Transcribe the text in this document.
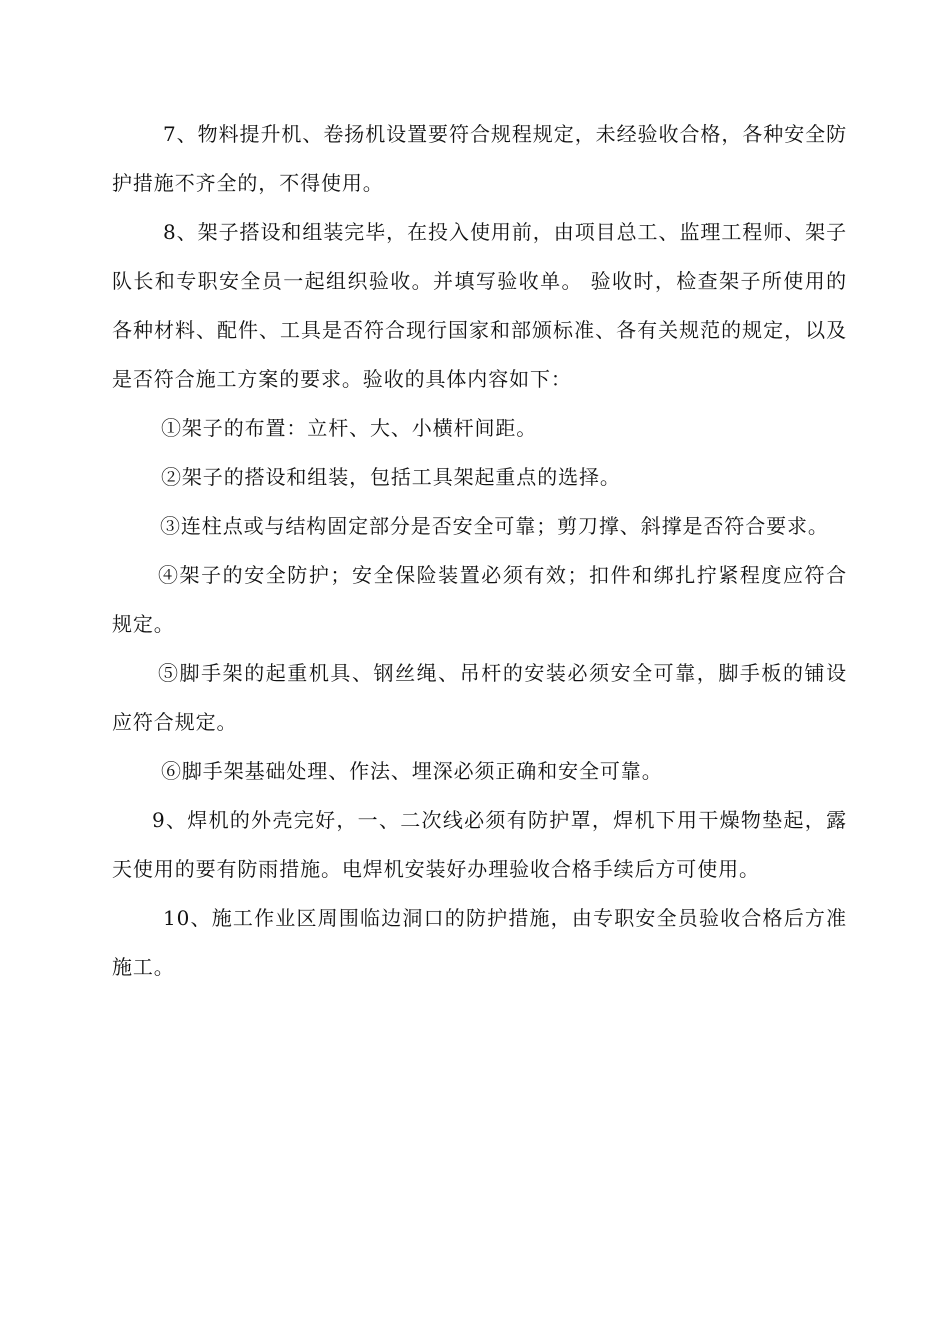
7、物料提升机、卷扬机设置要符合规程规定，未经验收合格，各种安全防护措施不齐全的，不得使用。

8、架子搭设和组装完毕，在投入使用前，由项目总工、监理工程师、架子队长和专职安全员一起组织验收。并填写验收单。 验收时，检查架子所使用的各种材料、配件、工具是否符合现行国家和部颁标准、各有关规范的规定，以及是否符合施工方案的要求。验收的具体内容如下：

①架子的布置：立杆、大、小横杆间距。

②架子的搭设和组装，包括工具架起重点的选择。

③连柱点或与结构固定部分是否安全可靠；剪刀撑、斜撑是否符合要求。

④架子的安全防护；安全保险装置必须有效；扣件和绑扎拧紧程度应符合规定。

⑤脚手架的起重机具、钢丝绳、吊杆的安装必须安全可靠，脚手板的铺设应符合规定。

⑥脚手架基础处理、作法、埋深必须正确和安全可靠。

9、焊机的外壳完好，一、二次线必须有防护罩，焊机下用干燥物垫起，露天使用的要有防雨措施。电焊机安装好办理验收合格手续后方可使用。

10、施工作业区周围临边洞口的防护措施，由专职安全员验收合格后方准施工。
